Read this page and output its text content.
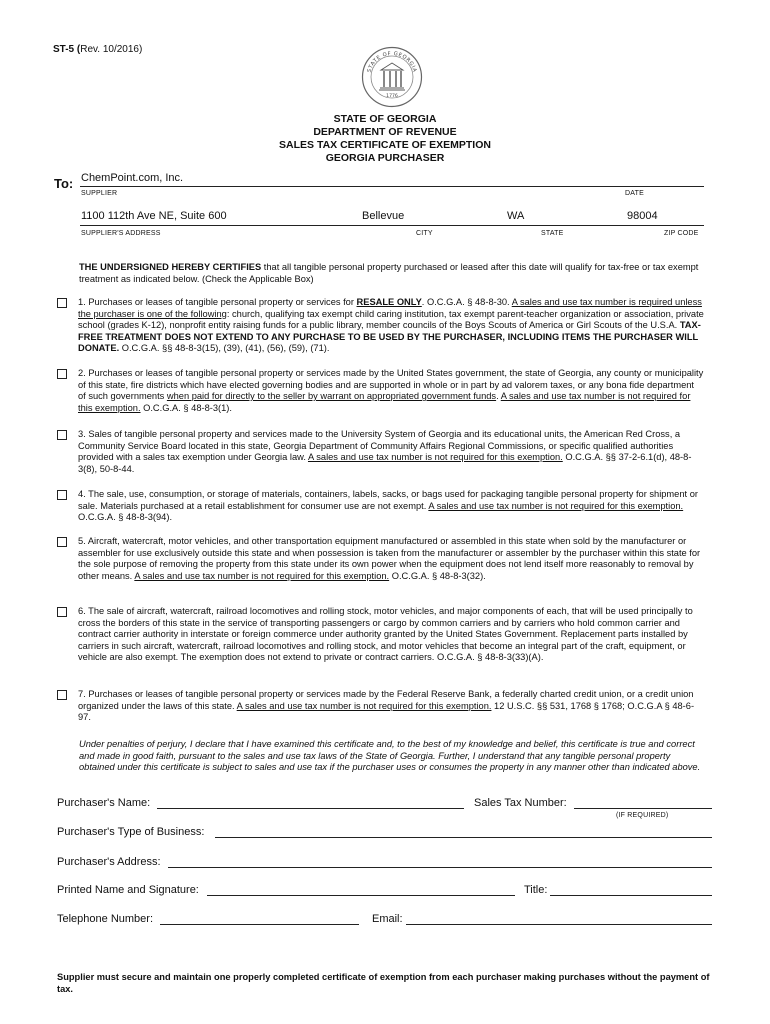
ST-5 (Rev. 10/2016)
STATE OF GEORGIA
1776
STATE OF GEORGIA
DEPARTMENT OF REVENUE
SALES TAX CERTIFICATE OF EXEMPTION
GEORGIA PURCHASER
To: ChemPoint.com, Inc.
SUPPLIER	DATE
1100 112th Ave NE, Suite 600	Bellevue	WA	98004
SUPPLIER'S ADDRESS	CITY	STATE	ZIP CODE
THE UNDERSIGNED HEREBY CERTIFIES that all tangible personal property purchased or leased after this date will qualify for tax-free or tax exempt treatment as indicated below. (Check the Applicable Box)
1. Purchases or leases of tangible personal property or services for RESALE ONLY. O.C.G.A. § 48-8-30. A sales and use tax number is required unless the purchaser is one of the following: church, qualifying tax exempt child caring institution, tax exempt parent-teacher organization or association, private school (grades K-12), nonprofit entity raising funds for a public library, member councils of the Boys Scouts of America or Girl Scouts of the U.S.A. TAX-FREE TREATMENT DOES NOT EXTEND TO ANY PURCHASE TO BE USED BY THE PURCHASER, INCLUDING ITEMS THE PURCHASER WILL DONATE. O.C.G.A. §§ 48-8-3(15), (39), (41), (56), (59), (71).
2. Purchases or leases of tangible personal property or services made by the United States government, the state of Georgia, any county or municipality of this state, fire districts which have elected governing bodies and are supported in whole or in part by ad valorem taxes, or any bona fide department of such governments when paid for directly to the seller by warrant on appropriated government funds. A sales and use tax number is not required for this exemption. O.C.G.A. § 48-8-3(1).
3. Sales of tangible personal property and services made to the University System of Georgia and its educational units, the American Red Cross, a Community Service Board located in this state, Georgia Department of Community Affairs Regional Commissions, or specific qualified authorities provided with a sales tax exemption under Georgia law. A sales and use tax number is not required for this exemption. O.C.G.A. §§ 37-2-6.1(d), 48-8-3(8), 50-8-44.
4. The sale, use, consumption, or storage of materials, containers, labels, sacks, or bags used for packaging tangible personal property for shipment or sale. Materials purchased at a retail establishment for consumer use are not exempt. A sales and use tax number is not required for this exemption. O.C.G.A. § 48-8-3(94).
5. Aircraft, watercraft, motor vehicles, and other transportation equipment manufactured or assembled in this state when sold by the manufacturer or assembler for use exclusively outside this state and when possession is taken from the manufacturer or assembler by the purchaser within this state for the sole purpose of removing the property from this state under its own power when the equipment does not lend itself more reasonably to removal by other means. A sales and use tax number is not required for this exemption. O.C.G.A. § 48-8-3(32).
6. The sale of aircraft, watercraft, railroad locomotives and rolling stock, motor vehicles, and major components of each, that will be used principally to cross the borders of this state in the service of transporting passengers or cargo by common carriers and by carriers who hold common carrier and contract carrier authority in interstate or foreign commerce under authority granted by the United States Government. Replacement parts installed by carriers in such aircraft, watercraft, railroad locomotives and rolling stock, and motor vehicles that become an integral part of the craft, equipment, or vehicle are also exempt. The exemption does not extend to private or contract carriers. O.C.G.A. § 48-8-3(33)(A).
7. Purchases or leases of tangible personal property or services made by the Federal Reserve Bank, a federally charted credit union, or a credit union organized under the laws of this state. A sales and use tax number is not required for this exemption. 12 U.S.C. §§ 531, 1768 § 1768; O.C.G.A § 48-6-97.
Under penalties of perjury, I declare that I have examined this certificate and, to the best of my knowledge and belief, this certificate is true and correct and made in good faith, pursuant to the sales and use tax laws of the State of Georgia. Further, I understand that any tangible personal property obtained under this certificate is subject to sales and use tax if the purchaser uses or consumes the property in any manner other than indicated above.
Purchaser's Name:	Sales Tax Number:
(IF REQUIRED)
Purchaser's Type of Business:
Purchaser's Address:
Printed Name and Signature:	Title:
Telephone Number:	Email:
Supplier must secure and maintain one properly completed certificate of exemption from each purchaser making purchases without the payment of tax.
